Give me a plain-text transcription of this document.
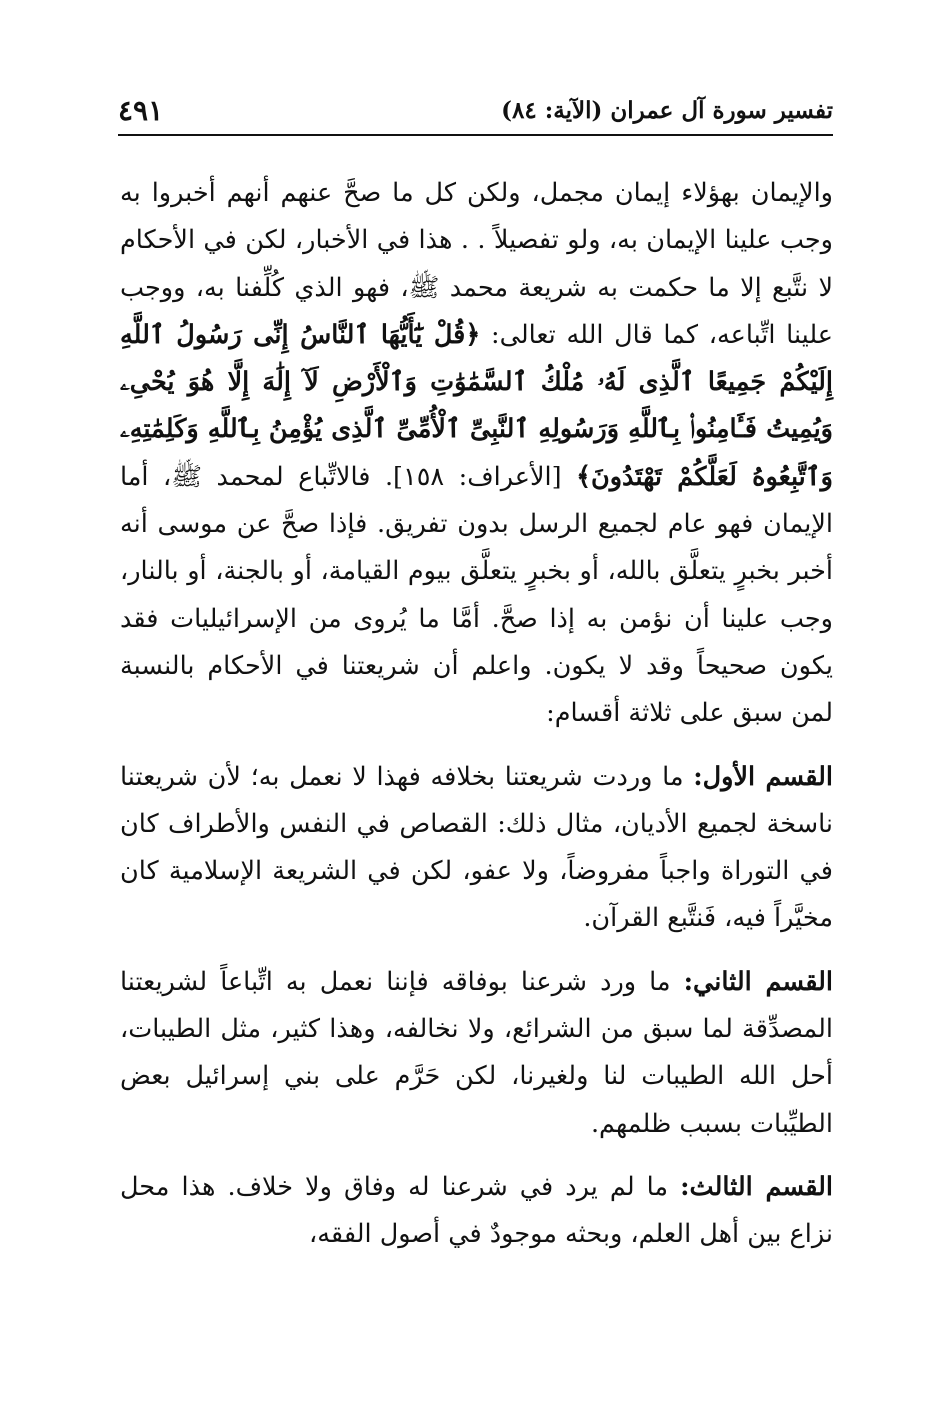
تفسير سورة آل عمران (الآية: ٨٤)
٤٩١

والإيمان بهؤلاء إيمان مجمل، ولكن كل ما صحَّ عنهم أنهم أخبروا به وجب علينا الإيمان به، ولو تفصيلاً . . هذا في الأخبار، لكن في الأحكام لا نتَّبع إلا ما حكمت به شريعة محمد ﷺ، فهو الذي كُلِّفنا به، ووجب علينا اتِّباعه، كما قال الله تعالى: ﴿قُلْ يَٰٓأَيُّهَا ٱلنَّاسُ إِنِّى رَسُولُ ٱللَّهِ إِلَيْكُمْ جَمِيعًا ٱلَّذِى لَهُۥ مُلْكُ ٱلسَّمَٰوَٰتِ وَٱلْأَرْضِ لَآ إِلَٰهَ إِلَّا هُوَ يُحْىِۦ وَيُمِيتُ فَـَٔامِنُوا۟ بِٱللَّهِ وَرَسُولِهِ ٱلنَّبِىِّ ٱلْأُمِّىِّ ٱلَّذِى يُؤْمِنُ بِٱللَّهِ وَكَلِمَٰتِهِۦ وَٱتَّبِعُوهُ لَعَلَّكُمْ تَهْتَدُونَ﴾ [الأعراف: ١٥٨]. فالاتِّباع لمحمد ﷺ، أما الإيمان فهو عام لجميع الرسل بدون تفريق. فإذا صحَّ عن موسى أنه أخبر بخبرٍ يتعلَّق بالله، أو بخبرٍ يتعلَّق بيوم القيامة، أو بالجنة، أو بالنار، وجب علينا أن نؤمن به إذا صحَّ. أمَّا ما يُروى من الإسرائيليات فقد يكون صحيحاً وقد لا يكون. واعلم أن شريعتنا في الأحكام بالنسبة لمن سبق على ثلاثة أقسام:

القسم الأول: ما وردت شريعتنا بخلافه فهذا لا نعمل به؛ لأن شريعتنا ناسخة لجميع الأديان، مثال ذلك: القصاص في النفس والأطراف كان في التوراة واجباً مفروضاً، ولا عفو، لكن في الشريعة الإسلامية كان مخيَّراً فيه، فَنتَّبع القرآن.

القسم الثاني: ما ورد شرعنا بوفاقه فإننا نعمل به اتِّباعاً لشريعتنا المصدِّقة لما سبق من الشرائع، ولا نخالفه، وهذا كثير، مثل الطيبات، أحل الله الطيبات لنا ولغيرنا، لكن حَرَّم على بني إسرائيل بعض الطيِّبات بسبب ظلمهم.

القسم الثالث: ما لم يرد في شرعنا له وفاق ولا خلاف. هذا محل نزاع بين أهل العلم، وبحثه موجودٌ في أصول الفقه،
